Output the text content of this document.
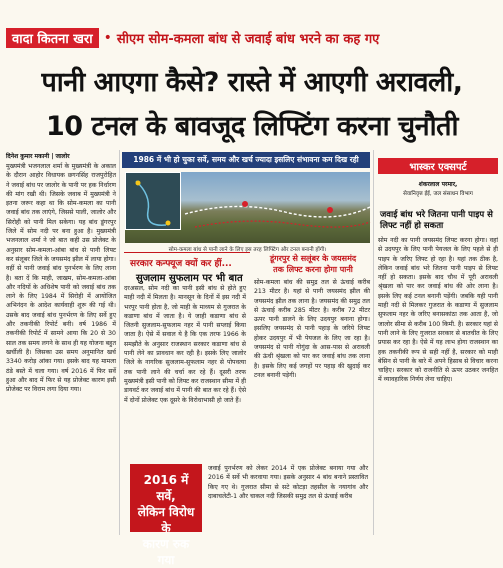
वादा कितना खरा • सीएम सोम-कमला बांध से जवाई बांध भरने का कह गए
पानी आएगा कैसे? रास्ते में आएगी अरावली,
10 टनल के बावजूद लिफ्टिंग करना चुनौती
दिनेश कुमार मकानी | जालोर
मुख्यमंत्री भजनलाल शर्मा के मुख्यमंत्री के अकाल के दौरान आहोर विधायक छगनसिंह राजपुरोहित ने जवाई बांध पर जालोर के पानी पर हक निर्धारण की मांग रखी थी। जिसके जवाब में मुख्यमंत्री ने इतना जरूर कहा था कि सोम-कमला का पानी जवाई बांध तक लाएंगे, जिससे पाली, जालोर और सिरोही को पानी मिल सकेगा। यह बांध डूंगरपुर जिले में सोम नदी पर बना हुआ है। मुख्यमंत्री भजनलाल शर्मा ने जो बात कही उस प्रोजेक्ट के अनुसार सोम-कमला-आंबा बांध से पानी लिफ्ट कर संलूबर जिले के जयसमंद झील में लाया होगा। वहीं से पानी जवाई बांध पुनर्भरण के लिए लाना है। बता दें कि माही, जाखम, सोम-कमला-आंबा और नदियों के अधिशेष पानी को जवाई बांध तक लाने के लिए 1984 में सिरोही में आयोजित अभिनंदन के आदेश कार्यवाही शुरू की गई थी। उसके बाद जवाई बांध पुनर्भरण के लिए सर्वे हुए और तकनीकी रिपोर्ट बनी। वर्ष 1986 में तकनीकी रिपोर्ट में सामने आया कि 20 से 30 साल तक समय लगने के साथ ही यह योजना बहुत खर्चीली है। जिसका उस समय अनुमानित खर्च 3340 करोड़ आंका गया। इसके बाद यह मामला ठंडे बस्ते में चला गया। वर्ष 2016 में फिर सर्वे हुआ और बाद में फिर से यह प्रोजेक्ट कारण इसी प्रोजेक्ट पर विराम लगा दिया गया।
1986 में भी हो चुका सर्वे, समय और खर्च ज्यादा इसलिए संभावना कम दिख रही
सोम-कमला बांध से पानी लाने के लिए इस तरह लिफ्टिंग और टनल बनानी होंगी।
सरकार कन्फ्यूज क्यों कर हीं...
सुजलाम सुफलाम पर भी बात
दरअसल, सोम नदी का पानी इसी बांध से होते हुए माही नदी में मिलता है। मानसून के दिनों में इस नदी में भरपूर पानी होता है, जो माही के माध्यम से गुजरात के कडाणा बांध में जाता है। ये जाही कडाणा बांध से जितनी सुजलाम-सुफलाम नहर में पानी सप्लाई किया जाता है। ऐसे में सवाल ये है कि एक तरफ 1966 के समझौते के अनुसार राजस्थान सरकार कडाणा बांध से पानी लेने का प्रावधान कर रही है। इसके लिए जालोर जिले के नागरिक सुजलाम-सुफलाम नहर से पोपवत्या तक पानी लाने की चर्चा कर रहे हैं। दूसरी तरफ मुख्यमंत्री इसी पानी को लिफ्ट कर राजस्थान सीमा में ही डायवर्ट कर जवाई बांध में पानी की बात कर रहे हैं। ऐसे में दोनों प्रोजेक्ट एक दूसरे के विरोधाभासी हो जाते हैं।
डूंगरपुर से सलूंबर के जयसमंद
तक लिफ्ट करना होगा पानी
सोम-कमला बांध की समुद्र तल से ऊंचाई करीब 213 मीटर है। यहां से पानी जयसमंद झील की जयसमंद झील तक लाना है। जयसमंद की समुद्र तल से ऊंचाई करीब 285 मीटर है। करीब 72 मीटर ऊपर पानी डालने के लिए उदयपुर बनाना होगा। इसलिए जयसमंद से पानी पहाड़ के जरिये लिफ्ट होकर उदयपुर में भी पेयजल के लिए जा रहा है। जयसमंद से पानी गोगुंदा के आस-पास से अरावली की ऊंची श्रृंखला को पार कर जवाई बांध तक लाना है। इसके लिए कई जगहों पर पहाड़ की खुदाई कर टनल बनानी पड़ेगी।
भास्कर एक्सपर्ट
शंकरलाल परमार,
सेवानिवृत्त ईई, जल संसाधन विभाग
जवाई बांध भरे जितना पानी पाइप से लिफ्ट नहीं हो सकता
सोम नदी का पानी जयसमंद लिफ्ट करना होगा। वहां से उदयपुर के लिए पानी पेयजल के लिए पहले से ही पाइप के जरिए लिफ्ट हो रहा है। यहां तक ठीक है, लेकिन जवाई बांध भरे जितना पानी पाइप से लिफ्ट नहीं हो सकता। इसके बाद चौथ में पूरी अरावली श्रृंखला को पार कर जवाई बांध की ओर लाना है। इसके लिए कई टनल बनानी पड़ेंगी। जबकि यही पानी माही नदी से मिलकर गुजरात के कडाणा में सुजलाम सुफलाम नहर के जरिए बनासकांठा तक आता है, जो जालोर सीमा से करीब 100 किमी. है। सरकार यहां से पानी लाने के लिए गुजरात सरकार से बातचीत के लिए प्रयास कर रहा है। ऐसे में यह लाभ होगा राजस्थान का हक तकनीकी रूप से सही नहीं है, सरकार को माही बेसिन से पानी के बारे में अपने हिसाब से विचार करना चाहिए। सरकार को राजनीति से ऊपर उठकर जनहित में व्यावहारिक निर्णय लेना चाहिए।
2016 में सर्वे,
लेकिन विरोध के
कारण रुक गया
जवाई पुनर्भरण को लेकर 2014 में एक प्रोजेक्ट बनाया गया और 2016 में सर्वे भी करवाया गया। इसके अनुसार 4 बांध बनाने प्रस्तावित किए गए थे। गुजरात सीमा से सटे कोटड़ा तहसील के नयागांव और दाबाचलेटी-1 और चाकल नदी जिसकी समुद्र तल से ऊंचाई करीब
